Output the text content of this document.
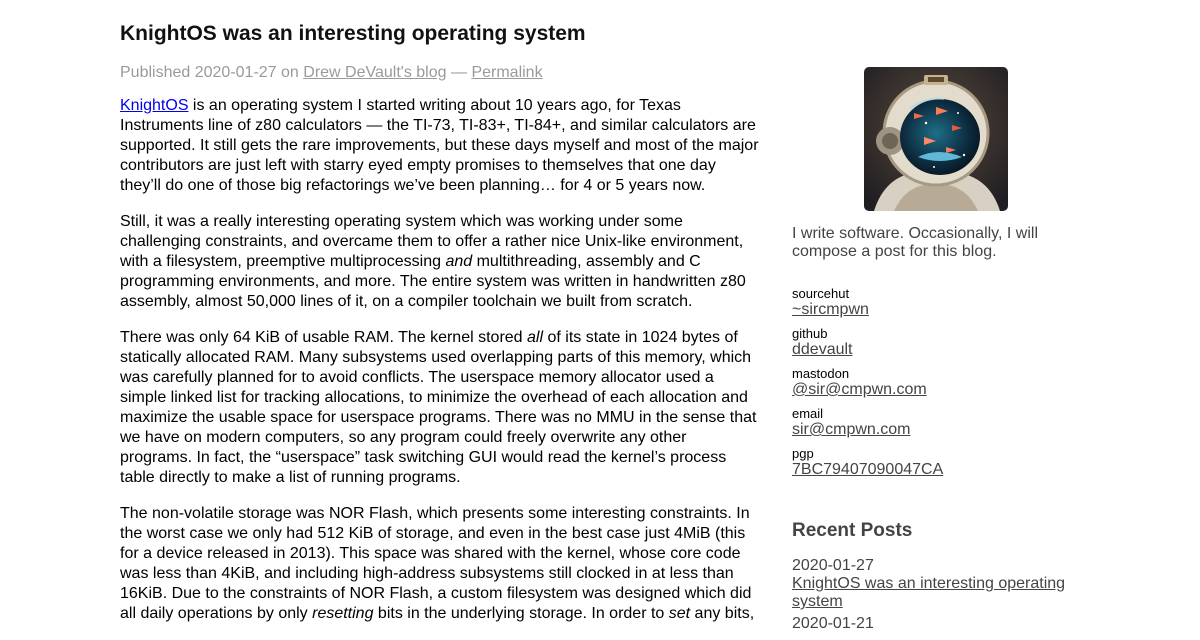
KnightOS was an interesting operating system
Published 2020-01-27 on Drew DeVault's blog — Permalink

KnightOS is an operating system I started writing about 10 years ago, for Texas Instruments line of z80 calculators — the TI-73, TI-83+, TI-84+, and similar calculators are supported. It still gets the rare improvements, but these days myself and most of the major contributors are just left with starry eyed empty promises to themselves that one day they’ll do one of those big refactorings we’ve been planning… for 4 or 5 years now.

Still, it was a really interesting operating system which was working under some challenging constraints, and overcame them to offer a rather nice Unix-like environment, with a filesystem, preemptive multiprocessing and multithreading, assembly and C programming environments, and more. The entire system was written in handwritten z80 assembly, almost 50,000 lines of it, on a compiler toolchain we built from scratch.

There was only 64 KiB of usable RAM. The kernel stored all of its state in 1024 bytes of statically allocated RAM. Many subsystems used overlapping parts of this memory, which was carefully planned for to avoid conflicts. The userspace memory allocator used a simple linked list for tracking allocations, to minimize the overhead of each allocation and maximize the usable space for userspace programs. There was no MMU in the sense that we have on modern computers, so any program could freely overwrite any other programs. In fact, the “userspace” task switching GUI would read the kernel’s process table directly to make a list of running programs.

The non-volatile storage was NOR Flash, which presents some interesting constraints. In the worst case we only had 512 KiB of storage, and even in the best case just 4MiB (this for a device released in 2013). This space was shared with the kernel, whose core code was less than 4KiB, and including high-address subsystems still clocked in at less than 16KiB. Due to the constraints of NOR Flash, a custom filesystem was designed which did all daily operations by only resetting bits in the underlying storage. In order to set any bits,

I write software. Occasionally, I will compose a post for this blog.
sourcehut
~sircmpwn
github
ddevault
mastodon
@sir@cmpwn.com
email
sir@cmpwn.com
pgp
7BC79407090047CA
Recent Posts
2020-01-27
KnightOS was an interesting operating system
2020-01-21
